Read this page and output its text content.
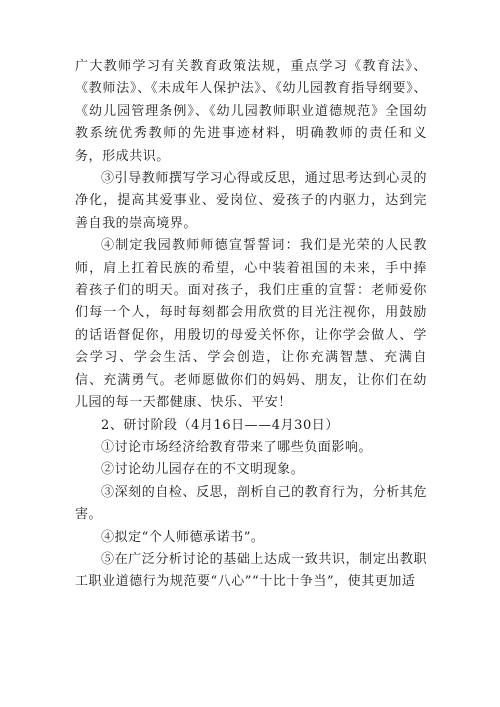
广大教师学习有关教育政策法规，重点学习《教育法》、《教师法》、《未成年人保护法》、《幼儿园教育指导纲要》、《幼儿园管理条例》、《幼儿园教师职业道德规范》全国幼教系统优秀教师的先进事迹材料，明确教师的责任和义务，形成共识。

③引导教师撰写学习心得或反思，通过思考达到心灵的净化，提高其爱事业、爱岗位、爱孩子的内驱力，达到完善自我的崇高境界。

④制定我园教师师德宣誓誓词：我们是光荣的人民教师，肩上扛着民族的希望，心中装着祖国的未来，手中捧着孩子们的明天。面对孩子，我们庄重的宣誓：老师爱你们每一个人，每时每刻都会用欣赏的目光注视你，用鼓励的话语督促你，用殷切的母爱关怀你，让你学会做人、学会学习、学会生活、学会创造，让你充满智慧、充满自信、充满勇气。老师愿做你们的妈妈、朋友，让你们在幼儿园的每一天都健康、快乐、平安！

2、研讨阶段（4月16日——4月30日）

①讨论市场经济给教育带来了哪些负面影响。

②讨论幼儿园存在的不文明现象。

③深刻的自检、反思，剖析自己的教育行为，分析其危害。

④拟定“个人师德承诺书”。

⑤在广泛分析讨论的基础上达成一致共识，制定出教职工职业道德行为规范要“八心”“十比十争当”，使其更加适
